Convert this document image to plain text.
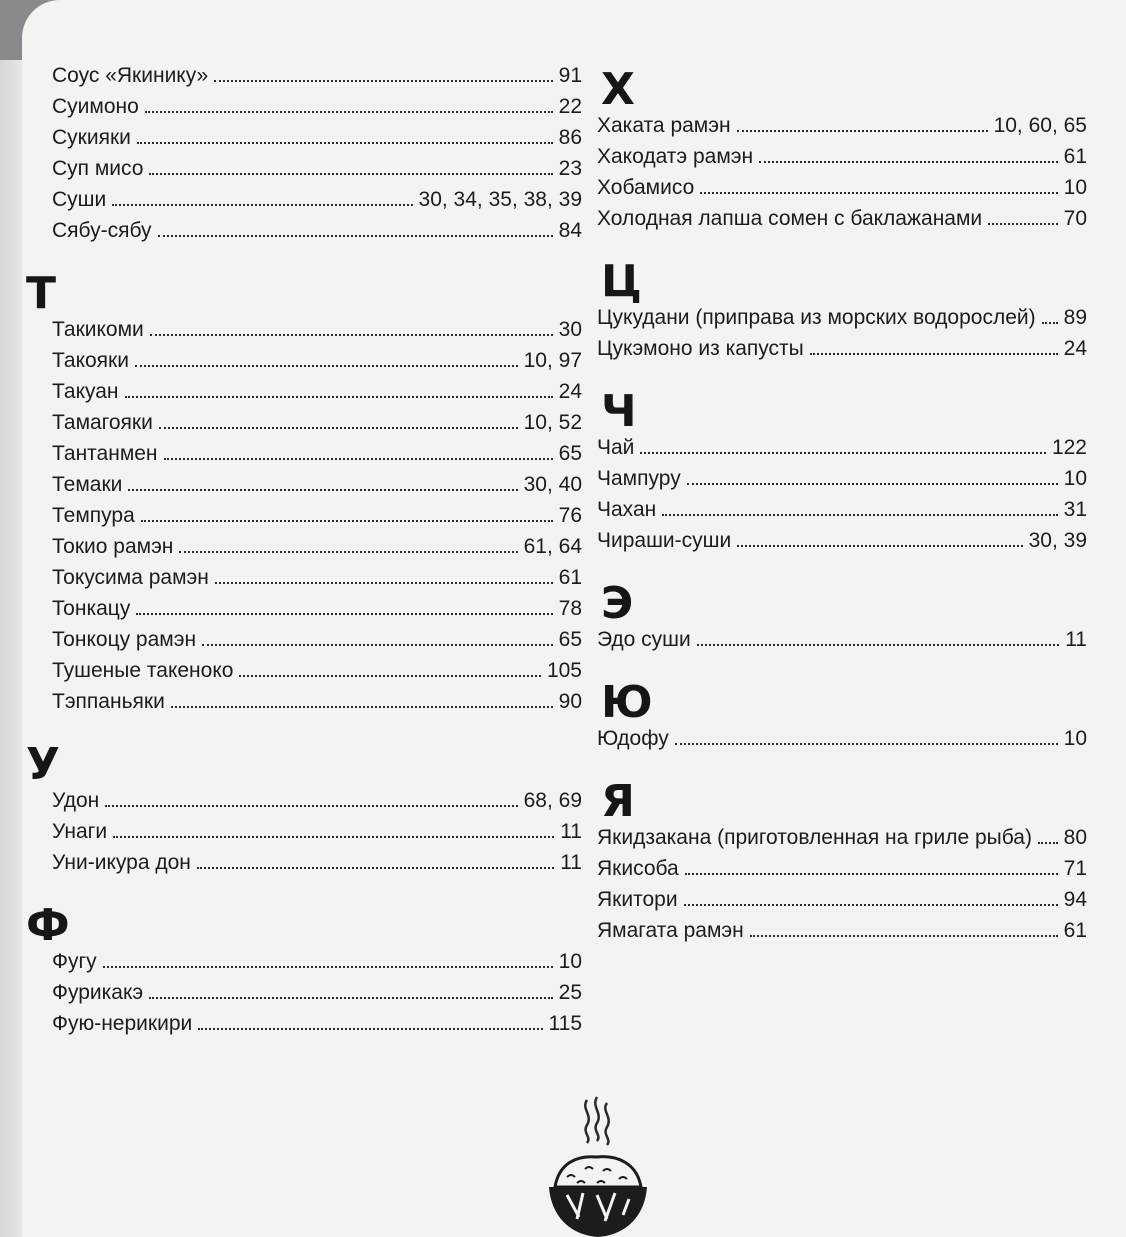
Соус «Якинику»	91
Суимоно	22
Сукияки	86
Суп мисо	23
Суши	30, 34, 35, 38, 39
Сябу-сябу	84
Т
Такикоми	30
Такояки	10, 97
Такуан	24
Тамагояки	10, 52
Тантанмен	65
Темаки	30, 40
Темпура	76
Токио рамэн	61, 64
Токусима рамэн	61
Тонкацу	78
Тонкоцу рамэн	65
Тушеные такеноко	105
Тэппаньяки	90
У
Удон	68, 69
Унаги	11
Уни-икура дон	11
Ф
Фугу	10
Фурикакэ	25
Фую-нерикири	115
Х
Хаката рамэн	10, 60, 65
Хакодатэ рамэн	61
Хобамисо	10
Холодная лапша сомен с баклажанами	70
Ц
Цукудани (приправа из морских водорослей) 89
Цукэмоно из капусты	24
Ч
Чай	122
Чампуру	10
Чахан	31
Чираши-суши	30, 39
Э
Эдо суши	11
Ю
Юдофу	10
Я
Якидзакана (приготовленная на гриле рыба) 80
Якисоба	71
Якитори	94
Ямагата рамэн	61
